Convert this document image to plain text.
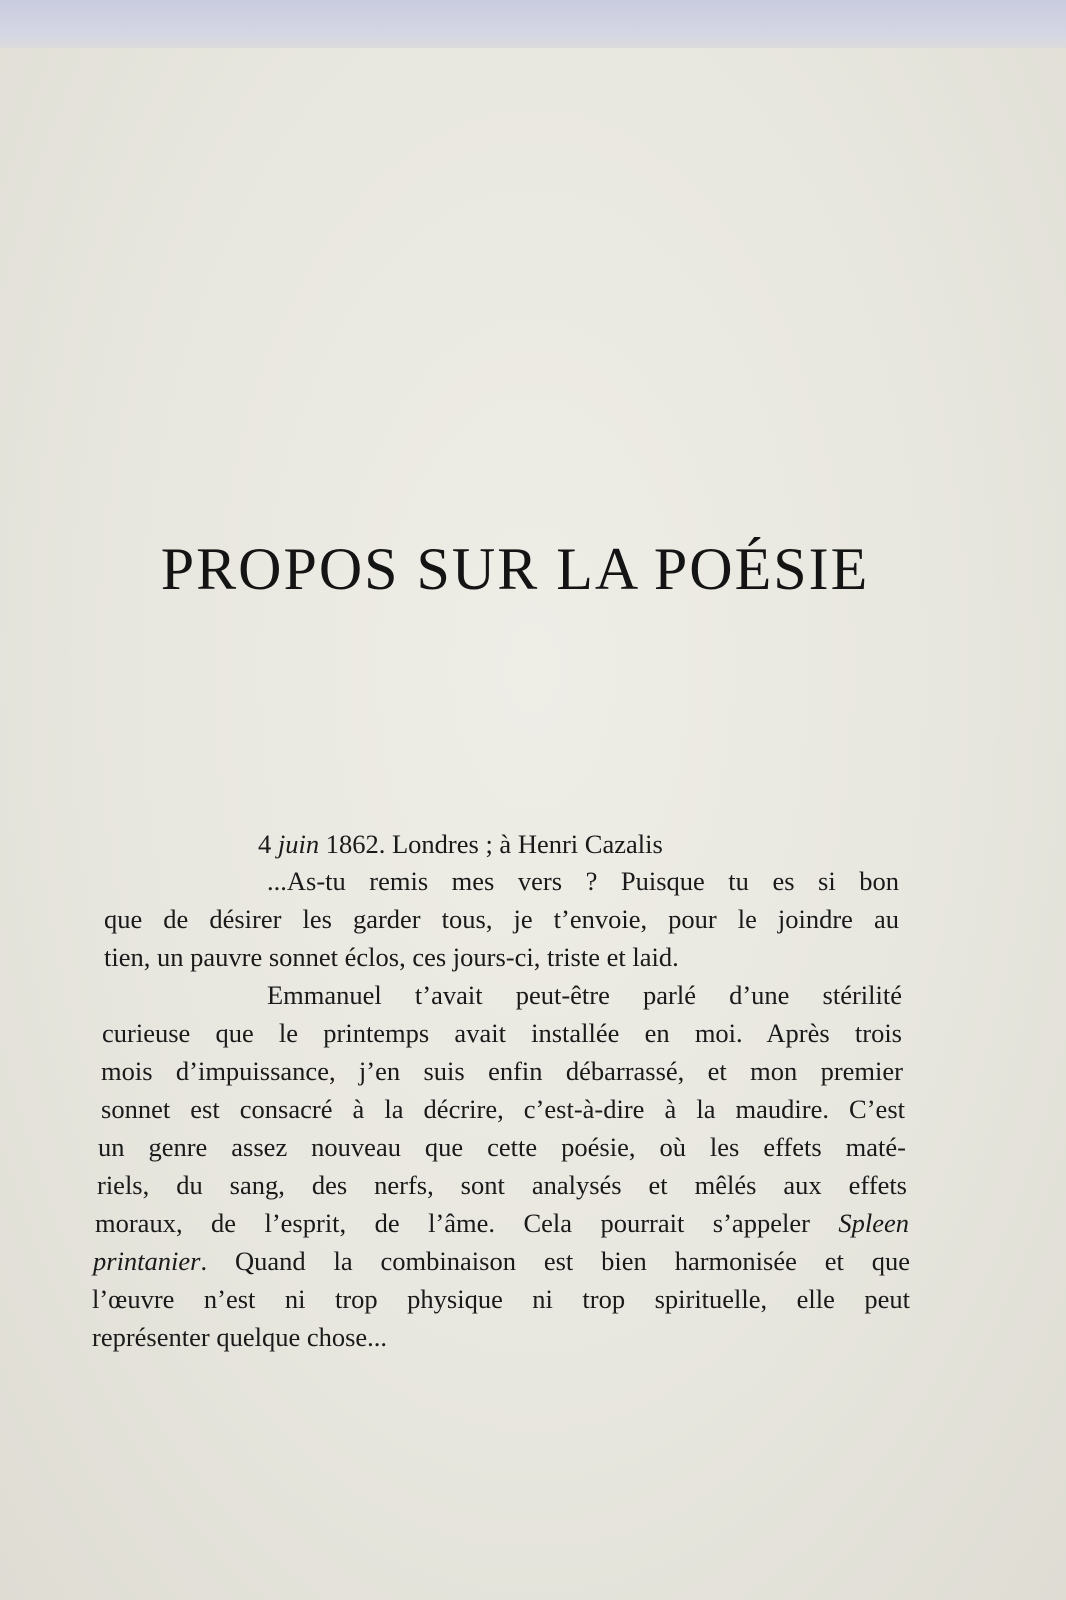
PROPOS SUR LA POÉSIE

4 juin 1862. Londres ; à Henri Cazalis

...As-tu remis mes vers ? Puisque tu es si bon

que de désirer les garder tous, je t’envoie, pour le joindre au

tien, un pauvre sonnet éclos, ces jours-ci, triste et laid.

Emmanuel t’avait peut-être parlé d’une stérilité

curieuse que le printemps avait installée en moi. Après trois

mois d’impuissance, j’en suis enfin débarrassé, et mon premier

sonnet est consacré à la décrire, c’est-à-dire à la maudire. C’est

un genre assez nouveau que cette poésie, où les effets maté-

riels, du sang, des nerfs, sont analysés et mêlés aux effets

moraux, de l’esprit, de l’âme. Cela pourrait s’appeler Spleen

printanier. Quand la combinaison est bien harmonisée et que

l’œuvre n’est ni trop physique ni trop spirituelle, elle peut

représenter quelque chose...
